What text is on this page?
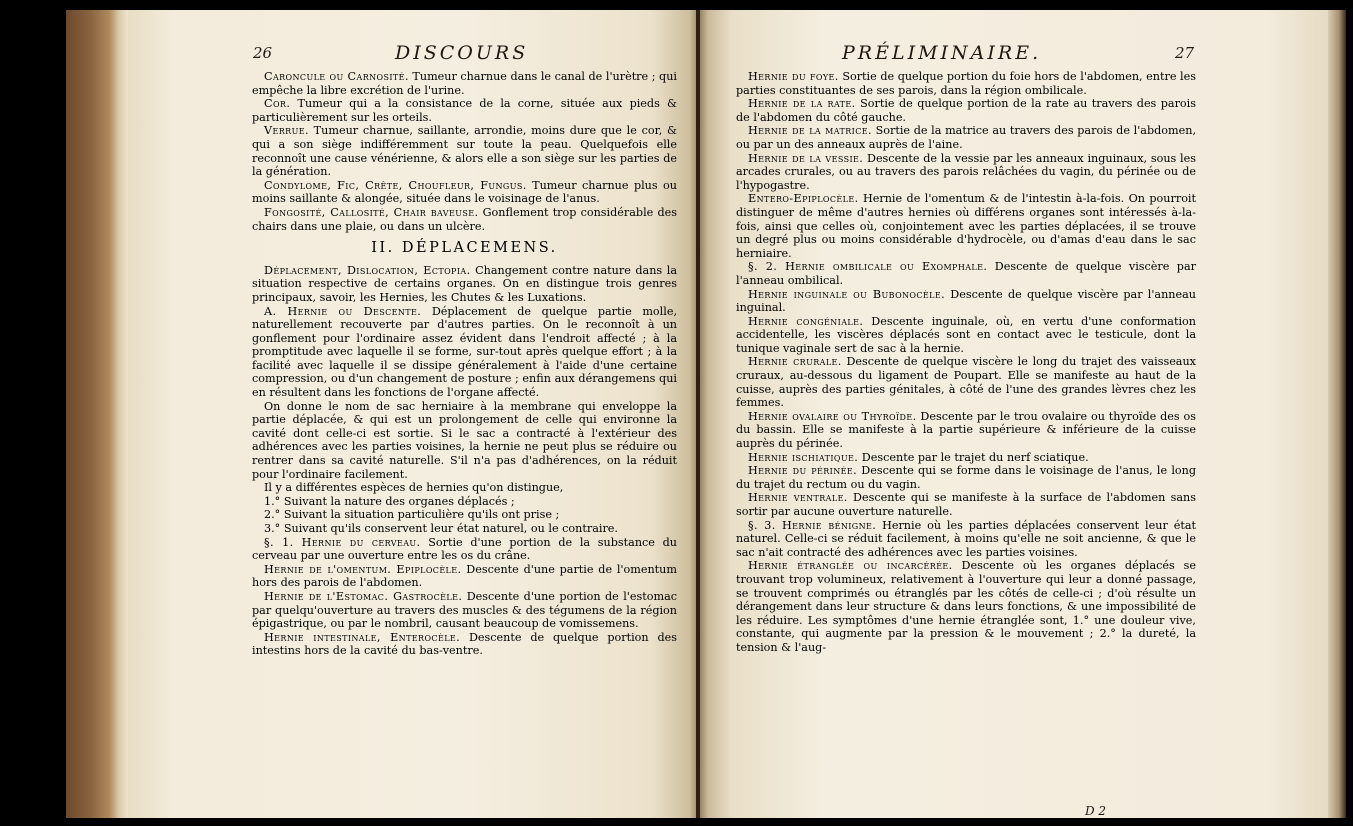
26	DISCOURS

Caroncule ou Carnosité. Tumeur charnue dans le canal de l'urètre ; qui empêche la libre excrétion de l'urine.

Cor. Tumeur qui a la consistance de la corne, située aux pieds & particulièrement sur les orteils.

Verrue. Tumeur charnue, saillante, arrondie, moins dure que le cor, & qui a son siège indifféremment sur toute la peau. Quelquefois elle reconnoît une cause vénérienne, & alors elle a son siège sur les parties de la génération.

Condylome, Fic, Crête, Choufleur, Fungus. Tumeur charnue plus ou moins saillante & alongée, située dans le voisinage de l'anus.

Fongosité, Callosité, Chair baveuse. Gonflement trop considérable des chairs dans une plaie, ou dans un ulcère.

II. DÉPLACEMENS.

Déplacement, Dislocation, Ectopia. Changement contre nature dans la situation respective de certains organes. On en distingue trois genres principaux, savoir, les Hernies, les Chutes & les Luxations.

A. Hernie ou Descente. Déplacement de quelque partie molle, naturellement recouverte par d'autres parties. On le reconnoît à un gonflement pour l'ordinaire assez évident dans l'endroit affecté ; à la promptitude avec laquelle il se forme, sur-tout après quelque effort ; à la facilité avec laquelle il se dissipe généralement à l'aide d'une certaine compression, ou d'un changement de posture ; enfin aux dérangemens qui en résultent dans les fonctions de l'organe affecté.

On donne le nom de sac herniaire à la membrane qui enveloppe la partie déplacée, & qui est un prolongement de celle qui environne la cavité dont celle-ci est sortie. Si le sac a contracté à l'extérieur des adhérences avec les parties voisines, la hernie ne peut plus se réduire ou rentrer dans sa cavité naturelle. S'il n'a pas d'adhérences, on la réduit pour l'ordinaire facilement.

Il y a différentes espèces de hernies qu'on distingue,

1.° Suivant la nature des organes déplacés ;

2.° Suivant la situation particulière qu'ils ont prise ;

3.° Suivant qu'ils conservent leur état naturel, ou le contraire.

§. 1. Hernie du cerveau. Sortie d'une portion de la substance du cerveau par une ouverture entre les os du crâne.

Hernie de l'omentum. Epiplocèle. Descente d'une partie de l'omentum hors des parois de l'abdomen.

Hernie de l'Estomac. Gastrocèle. Descente d'une portion de l'estomac par quelqu'ouverture au travers des muscles & des tégumens de la région épigastrique, ou par le nombril, causant beaucoup de vomissemens.

Hernie intestinale, Enterocèle. Descente de quelque portion des intestins hors de la cavité du bas-ventre.

PRÉLIMINAIRE.	27

Hernie du foye. Sortie de quelque portion du foie hors de l'abdomen, entre les parties constituantes de ses parois, dans la région ombilicale.

Hernie de la rate. Sortie de quelque portion de la rate au travers des parois de l'abdomen du côté gauche.

Hernie de la matrice. Sortie de la matrice au travers des parois de l'abdomen, ou par un des anneaux auprès de l'aine.

Hernie de la vessie. Descente de la vessie par les anneaux inguinaux, sous les arcades crurales, ou au travers des parois relâchées du vagin, du périnée ou de l'hypogastre.

Entero-Epiplocèle. Hernie de l'omentum & de l'intestin à-la-fois. On pourroit distinguer de même d'autres hernies où différens organes sont intéressés à-la-fois, ainsi que celles où, conjointement avec les parties déplacées, il se trouve un degré plus ou moins considérable d'hydrocèle, ou d'amas d'eau dans le sac herniaire.

§. 2. Hernie ombilicale ou Exomphale. Descente de quelque viscère par l'anneau ombilical.

Hernie inguinale ou Bubonocèle. Descente de quelque viscère par l'anneau inguinal.

Hernie congéniale. Descente inguinale, où, en vertu d'une conformation accidentelle, les viscères déplacés sont en contact avec le testicule, dont la tunique vaginale sert de sac à la hernie.

Hernie crurale. Descente de quelque viscère le long du trajet des vaisseaux cruraux, au-dessous du ligament de Poupart. Elle se manifeste au haut de la cuisse, auprès des parties génitales, à côté de l'une des grandes lèvres chez les femmes.

Hernie ovalaire ou Thyroïde. Descente par le trou ovalaire ou thyroïde des os du bassin. Elle se manifeste à la partie supérieure & inférieure de la cuisse auprès du périnée.

Hernie ischiatique. Descente par le trajet du nerf sciatique.

Hernie du périnée. Descente qui se forme dans le voisinage de l'anus, le long du trajet du rectum ou du vagin.

Hernie ventrale. Descente qui se manifeste à la surface de l'abdomen sans sortir par aucune ouverture naturelle.

§. 3. Hernie bénigne. Hernie où les parties déplacées conservent leur état naturel. Celle-ci se réduit facilement, à moins qu'elle ne soit ancienne, & que le sac n'ait contracté des adhérences avec les parties voisines.

Hernie étranglée ou incarcérée. Descente où les organes déplacés se trouvant trop volumineux, relativement à l'ouverture qui leur a donné passage, se trouvent comprimés ou étranglés par les côtés de celle-ci ; d'où résulte un dérangement dans leur structure & dans leurs fonctions, & une impossibilité de les réduire. Les symptômes d'une hernie étranglée sont, 1.° une douleur vive, constante, qui augmente par la pression & le mouvement ; 2.° la dureté, la tension & l'aug-

D 2
